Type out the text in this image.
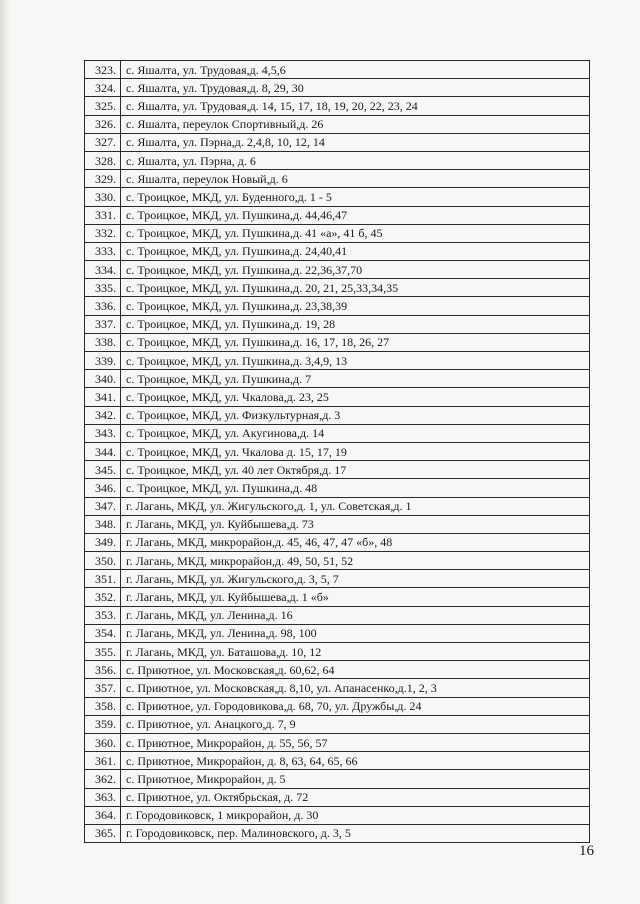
323.	с. Яшалта, ул. Трудовая,д. 4,5,6
324.	с. Яшалта, ул. Трудовая,д. 8, 29, 30
325.	с. Яшалта, ул. Трудовая,д. 14, 15, 17, 18, 19, 20, 22, 23, 24
326.	с. Яшалта, переулок Спортивный,д. 26
327.	с. Яшалта, ул. Пэрна,д. 2,4,8, 10, 12, 14
328.	с. Яшалта, ул. Пэрна, д. 6
329.	с. Яшалта, переулок Новый,д. 6
330.	с. Троицкое, МКД, ул. Буденного,д. 1 - 5
331.	с. Троицкое, МКД, ул. Пушкина,д. 44,46,47
332.	с. Троицкое, МКД, ул. Пушкина,д. 41 «а», 41 б, 45
333.	с. Троицкое, МКД, ул. Пушкина,д. 24,40,41
334.	с. Троицкое, МКД, ул. Пушкина,д. 22,36,37,70
335.	с. Троицкое, МКД, ул. Пушкина,д. 20, 21, 25,33,34,35
336.	с. Троицкое, МКД, ул. Пушкина,д. 23,38,39
337.	с. Троицкое, МКД, ул. Пушкина,д. 19, 28
338.	с. Троицкое, МКД, ул. Пушкина,д. 16, 17, 18, 26, 27
339.	с. Троицкое, МКД, ул. Пушкина,д. 3,4,9, 13
340.	с. Троицкое, МКД, ул. Пушкина,д. 7
341.	с. Троицкое, МКД, ул. Чкалова,д. 23, 25
342.	с. Троицкое, МКД, ул. Физкультурная,д. 3
343.	с. Троицкое, МКД, ул. Акугинова,д. 14
344.	с. Троицкое, МКД, ул. Чкалова д. 15, 17, 19
345.	с. Троицкое, МКД, ул. 40 лет Октября,д. 17
346.	с. Троицкое, МКД, ул. Пушкина,д. 48
347.	г. Лагань, МКД, ул. Жигульского,д. 1, ул. Советская,д. 1
348.	г. Лагань, МКД, ул. Куйбышева,д. 73
349.	г. Лагань, МКД, микрорайон,д. 45, 46, 47, 47 «б», 48
350.	г. Лагань, МКД, микрорайон,д. 49, 50, 51, 52
351.	г. Лагань, МКД, ул. Жигульского,д. 3, 5, 7
352.	г. Лагань, МКД, ул. Куйбышева,д. 1 «б»
353.	г. Лагань, МКД, ул. Ленина,д. 16
354.	г. Лагань, МКД, ул. Ленина,д. 98, 100
355.	г. Лагань, МКД, ул. Баташова,д. 10, 12
356.	с. Приютное, ул. Московская,д. 60,62, 64
357.	с. Приютное, ул. Московская,д. 8,10, ул. Апанасенко,д.1, 2, 3
358.	с. Приютное, ул. Городовикова,д. 68, 70, ул. Дружбы,д. 24
359.	с. Приютное, ул. Анацкого,д. 7, 9
360.	с. Приютное, Микрорайон, д. 55, 56, 57
361.	с. Приютное, Микрорайон, д. 8, 63, 64, 65, 66
362.	с. Приютное, Микрорайон, д. 5
363.	с. Приютное, ул. Октябрьская, д. 72
364.	г. Городовиковск, 1 микрорайон, д. 30
365.	г. Городовиковск, пер. Малиновского, д. 3, 5
16
